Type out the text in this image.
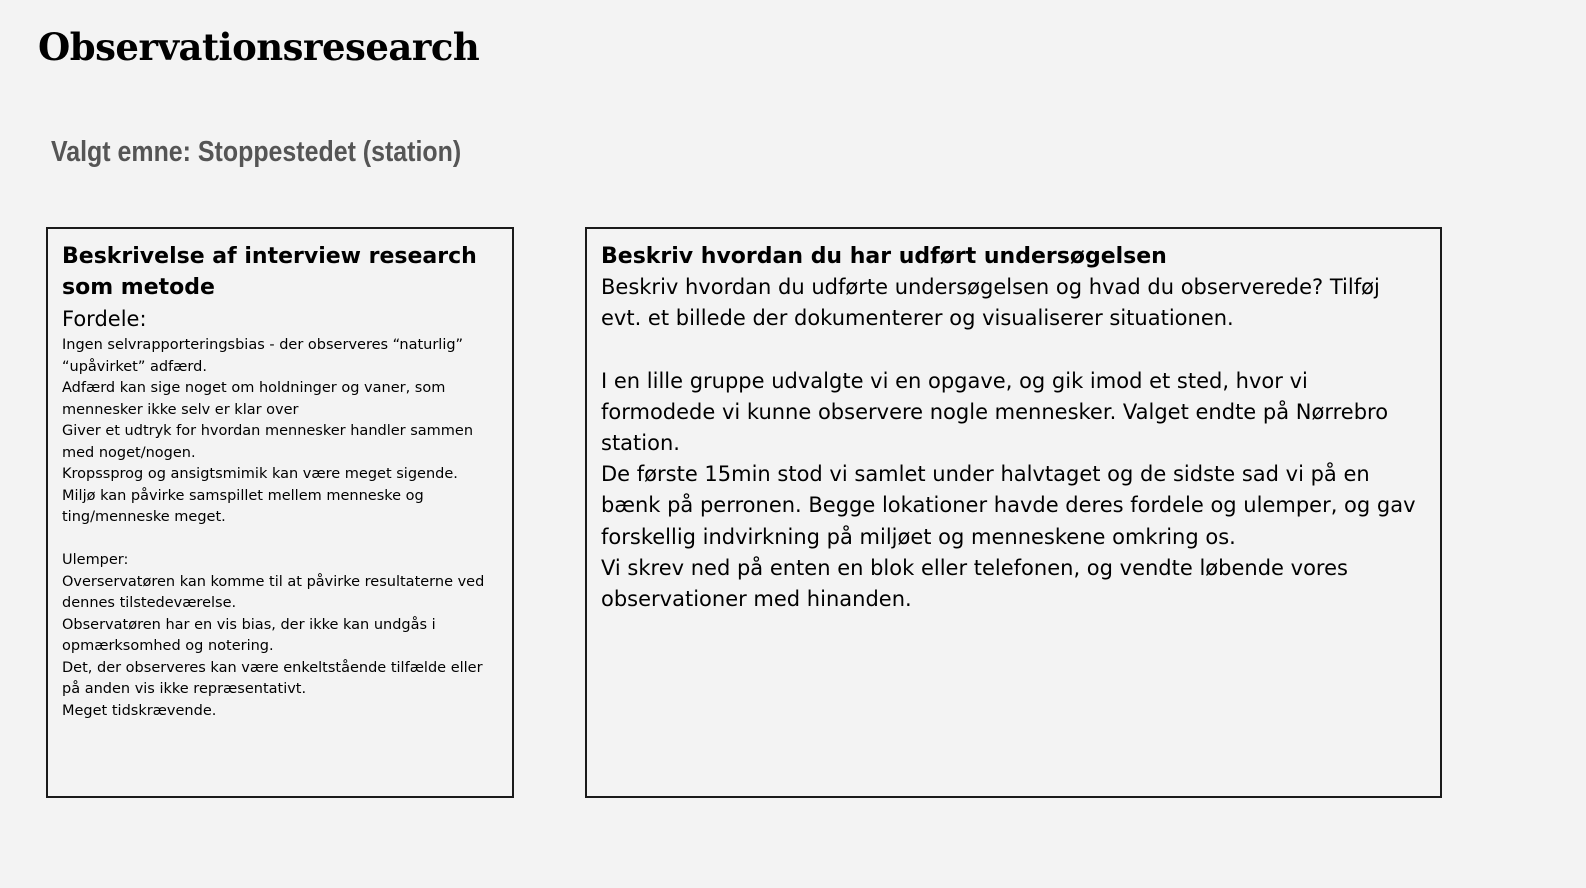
Observationsresearch
Valgt emne: Stoppestedet (station)

Beskrivelse af interview research som metode

Fordele:

Ingen selvrapporteringsbias - der observeres “naturlig” “upåvirket” adfærd.
Adfærd kan sige noget om holdninger og vaner, som mennesker ikke selv er klar over
Giver et udtryk for hvordan mennesker handler sammen med noget/nogen.
Kropssprog og ansigtsmimik kan være meget sigende.
Miljø kan påvirke samspillet mellem menneske og ting/menneske meget.
Ulemper:
Overservatøren kan komme til at påvirke resultaterne ved dennes tilstedeværelse.
Observatøren har en vis bias, der ikke kan undgås i opmærksomhed og notering.
Det, der observeres kan være enkeltstående tilfælde eller på anden vis ikke repræsentativt.
Meget tidskrævende.

Beskriv hvordan du har udført undersøgelsen

Beskriv hvordan du udførte undersøgelsen og hvad du observerede? Tilføj evt. et billede der dokumenterer og visualiserer situationen.

I en lille gruppe udvalgte vi en opgave, og gik imod et sted, hvor vi formodede vi kunne observere nogle mennesker. Valget endte på Nørrebro station.

De første 15min stod vi samlet under halvtaget og de sidste sad vi på en bænk på perronen. Begge lokationer havde deres fordele og ulemper, og gav forskellig indvirkning på miljøet og menneskene omkring os.

Vi skrev ned på enten en blok eller telefonen, og vendte løbende vores observationer med hinanden.
